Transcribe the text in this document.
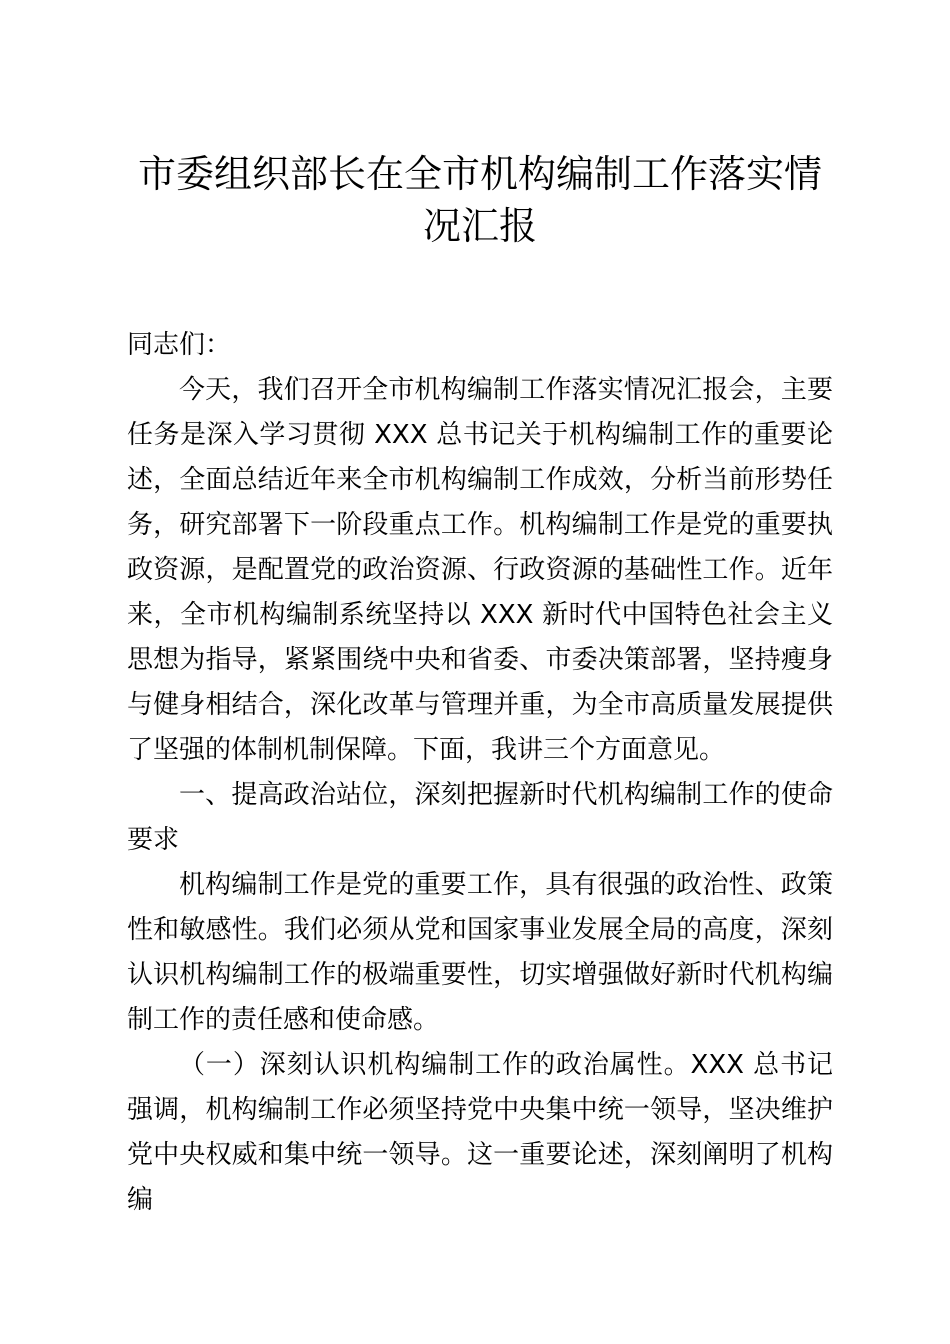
市委组织部长在全市机构编制工作落实情况汇报

同志们：

今天，我们召开全市机构编制工作落实情况汇报会，主要任务是深入学习贯彻 XXX 总书记关于机构编制工作的重要论述，全面总结近年来全市机构编制工作成效，分析当前形势任务，研究部署下一阶段重点工作。机构编制工作是党的重要执政资源，是配置党的政治资源、行政资源的基础性工作。近年来，全市机构编制系统坚持以 XXX 新时代中国特色社会主义思想为指导，紧紧围绕中央和省委、市委决策部署，坚持瘦身与健身相结合，深化改革与管理并重，为全市高质量发展提供了坚强的体制机制保障。下面，我讲三个方面意见。

一、提高政治站位，深刻把握新时代机构编制工作的使命要求

机构编制工作是党的重要工作，具有很强的政治性、政策性和敏感性。我们必须从党和国家事业发展全局的高度，深刻认识机构编制工作的极端重要性，切实增强做好新时代机构编制工作的责任感和使命感。

（一）深刻认识机构编制工作的政治属性。XXX 总书记强调，机构编制工作必须坚持党中央集中统一领导，坚决维护党中央权威和集中统一领导。这一重要论述，深刻阐明了机构编
